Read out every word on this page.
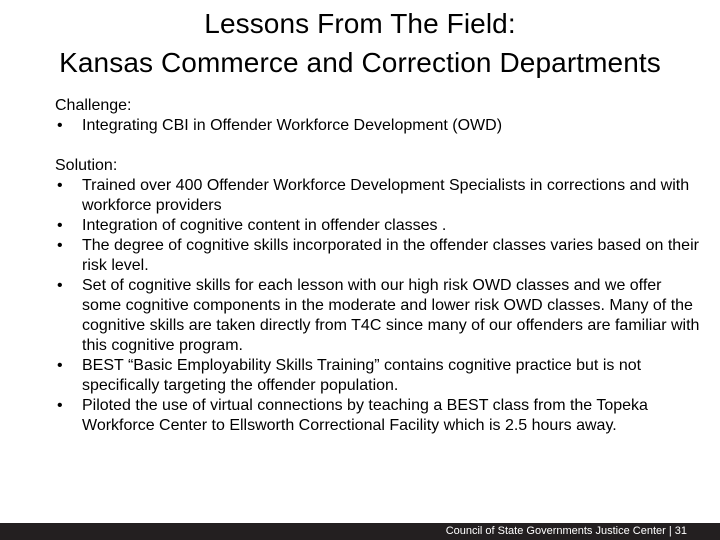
Lessons From The Field:
Kansas Commerce and Correction Departments
Challenge:
• Integrating CBI in Offender Workforce Development (OWD)
Solution:
• Trained over 400 Offender Workforce Development Specialists in corrections and with workforce providers
• Integration of cognitive content in offender classes .
• The degree of cognitive skills incorporated in the offender classes varies based on their risk level.
• Set of cognitive skills for each lesson with our high risk OWD classes and we offer some cognitive components in the moderate and lower risk OWD classes. Many of the cognitive skills are taken directly from T4C since many of our offenders are familiar with this cognitive program.
• BEST “Basic Employability Skills Training” contains cognitive practice but is not specifically targeting the offender population.
• Piloted the use of virtual connections by teaching a BEST class from the Topeka Workforce Center to Ellsworth Correctional Facility which is 2.5 hours away.
Council of State Governments Justice Center | 31
